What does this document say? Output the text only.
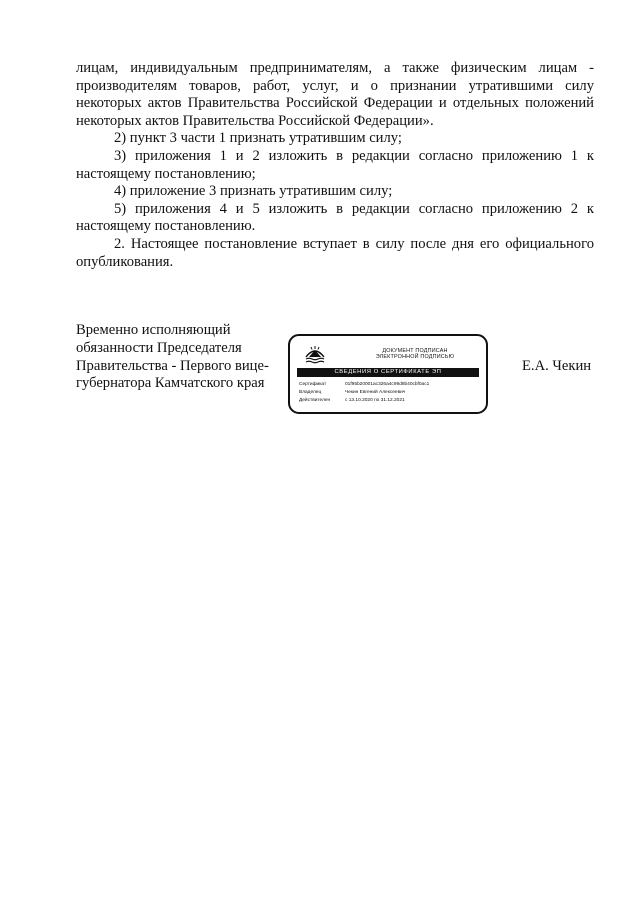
лицам, индивидуальным предпринимателям, а также физическим лицам - производителям товаров, работ, услуг, и о признании утратившими силу некоторых актов Правительства Российской Федерации и отдельных положений некоторых актов Правительства Российской Федерации».

2) пункт 3 части 1 признать утратившим силу;

3) приложения 1 и 2 изложить в редакции согласно приложению 1 к настоящему постановлению;

4) приложение 3 признать утратившим силу;

5) приложения 4 и 5 изложить в редакции согласно приложению 2 к настоящему постановлению.

2. Настоящее постановление вступает в силу после дня его официального опубликования.

Временно исполняющий
обязанности Председателя
Правительства - Первого вице-
губернатора Камчатского края
ДОКУМЕНТ ПОДПИСАН
ЭЛЕКТРОННОЙ ПОДПИСЬЮ
СВЕДЕНИЯ О СЕРТИФИКАТЕ ЭП
Сертификат	01f95b20001ac326a4c99d8b40cbf0ac1
Владелец	Чекин Евгений Алексеевич
Действителен	с 13.10.2020 по 31.12.2021
Е.А. Чекин
